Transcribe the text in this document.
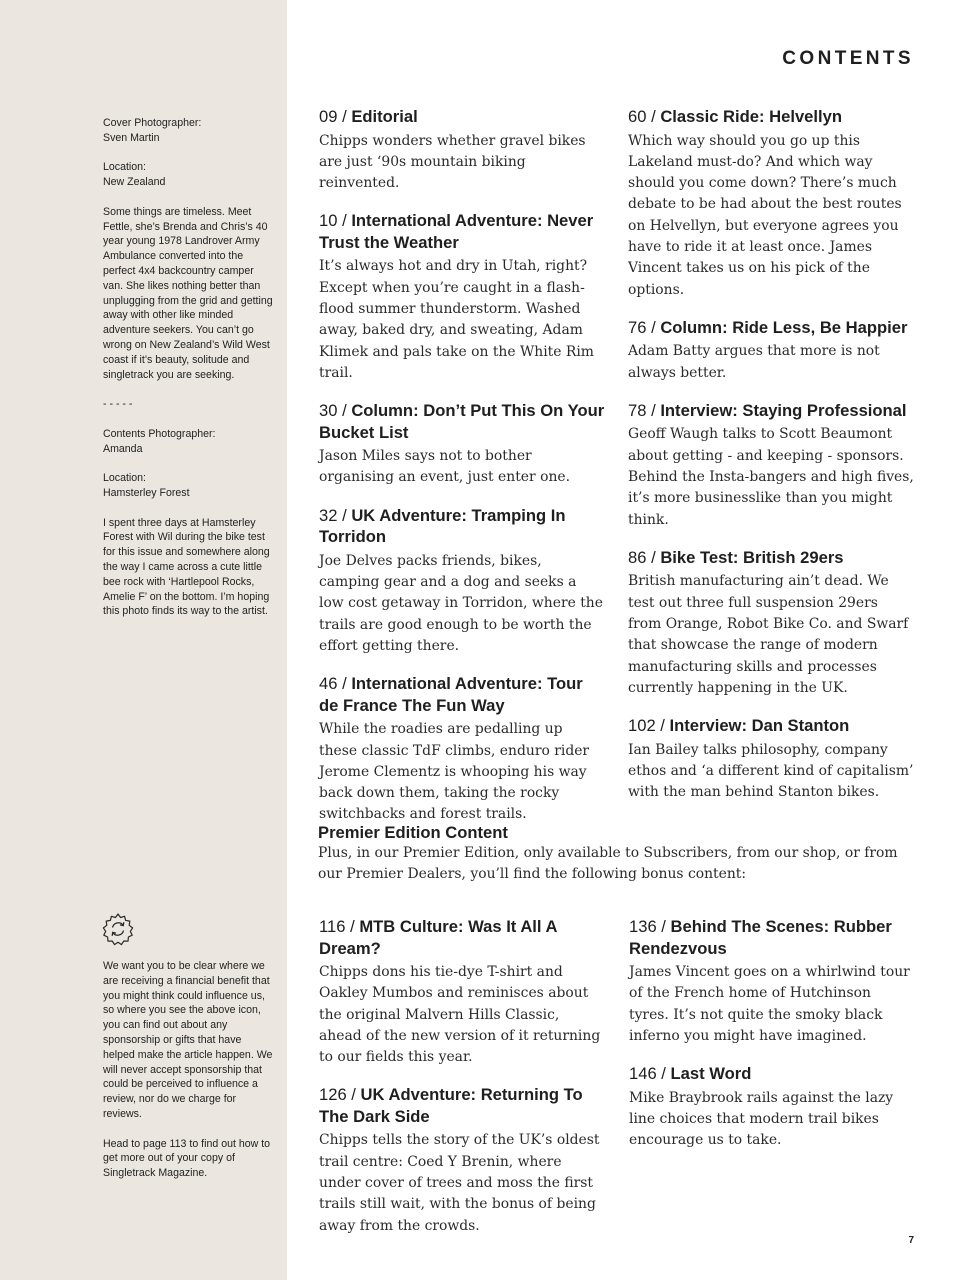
Cover Photographer:
Sven Martin

Location:
New Zealand

Some things are timeless. Meet Fettle, she’s Brenda and Chris’s 40 year young 1978 Landrover Army Ambulance converted into the perfect 4x4 backcountry camper van. She likes nothing better than unplugging from the grid and getting away with other like minded adventure seekers. You can’t go wrong on New Zealand’s Wild West coast if it’s beauty, solitude and singletrack you are seeking.

- - - - -

Contents Photographer:
Amanda

Location:
Hamsterley Forest

I spent three days at Hamsterley Forest with Wil during the bike test for this issue and somewhere along the way I came across a cute little bee rock with ‘Hartlepool Rocks, Amelie F’ on the bottom. I’m hoping this photo finds its way to the artist.

We want you to be clear where we are receiving a financial benefit that you might think could influence us, so where you see the above icon, you can find out about any sponsorship or gifts that have helped make the article happen. We will never accept sponsorship that could be perceived to influence a review, nor do we charge for reviews.

Head to page 113 to find out how to get more out of your copy of Singletrack Magazine.

CONTENTS
09 / Editorial
Chipps wonders whether gravel bikes are just ‘90s mountain biking reinvented.
10 / International Adventure: Never Trust the Weather
It’s always hot and dry in Utah, right? Except when you’re caught in a flash-flood summer thunderstorm. Washed away, baked dry, and sweating, Adam Klimek and pals take on the White Rim trail.
30 / Column: Don’t Put This On Your Bucket List
Jason Miles says not to bother organising an event, just enter one.
32 / UK Adventure: Tramping In Torridon
Joe Delves packs friends, bikes, camping gear and a dog and seeks a low cost getaway in Torridon, where the trails are good enough to be worth the effort getting there.
46 / International Adventure: Tour de France The Fun Way
While the roadies are pedalling up these classic TdF climbs, enduro rider Jerome Clementz is whooping his way back down them, taking the rocky switchbacks and forest trails.
60 / Classic Ride: Helvellyn
Which way should you go up this Lakeland must-do? And which way should you come down? There’s much debate to be had about the best routes on Helvellyn, but everyone agrees you have to ride it at least once. James Vincent takes us on his pick of the options.
76 / Column: Ride Less, Be Happier
Adam Batty argues that more is not always better.
78 / Interview: Staying Professional
Geoff Waugh talks to Scott Beaumont about getting - and keeping - sponsors. Behind the Insta-bangers and high fives, it’s more businesslike than you might think.
86 / Bike Test: British 29ers
British manufacturing ain’t dead. We test out three full suspension 29ers from Orange, Robot Bike Co. and Swarf that showcase the range of modern manufacturing skills and processes currently happening in the UK.
102 / Interview: Dan Stanton
Ian Bailey talks philosophy, company ethos and ‘a different kind of capitalism’ with the man behind Stanton bikes.
Premier Edition Content
Plus, in our Premier Edition, only available to Subscribers, from our shop, or from our Premier Dealers, you’ll find the following bonus content:
116 / MTB Culture: Was It All A Dream?
Chipps dons his tie-dye T-shirt and Oakley Mumbos and reminisces about the original Malvern Hills Classic, ahead of the new version of it returning to our fields this year.
126 / UK Adventure: Returning To The Dark Side
Chipps tells the story of the UK’s oldest trail centre: Coed Y Brenin, where under cover of trees and moss the first trails still wait, with the bonus of being away from the crowds.
136 / Behind The Scenes: Rubber Rendezvous
James Vincent goes on a whirlwind tour of the French home of Hutchinson tyres. It’s not quite the smoky black inferno you might have imagined.
146 / Last Word
Mike Braybrook rails against the lazy line choices that modern trail bikes encourage us to take.
7
